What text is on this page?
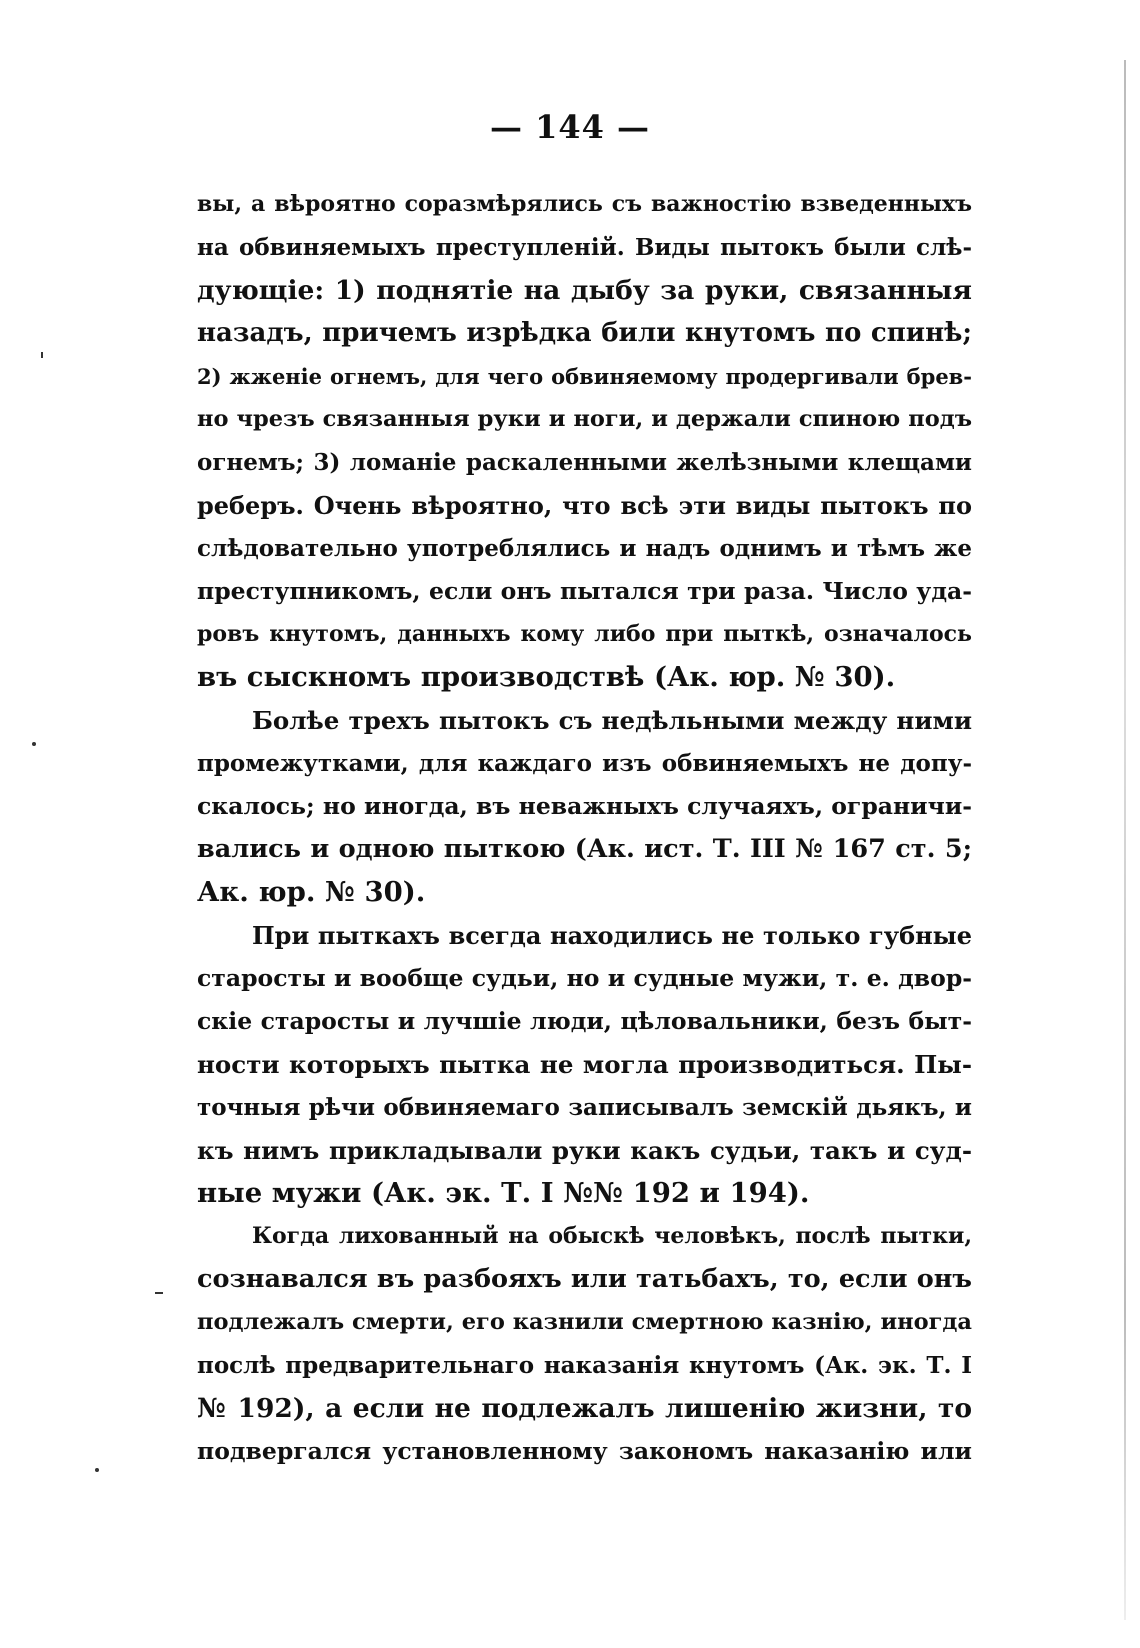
— 144 —
вы, а вѣроятно соразмѣрялись съ важностію взведенныхъ
на обвиняемыхъ преступленій. Виды пытокъ были слѣ-
дующіе: 1) поднятіе на дыбу за руки, связанныя
назадъ, причемъ изрѣдка били кнутомъ по спинѣ;
2) жженіе огнемъ, для чего обвиняемому продергивали брев-
но чрезъ связанныя руки и ноги, и держали спиною подъ
огнемъ; 3) ломаніе раскаленными желѣзными клещами
реберъ. Очень вѣроятно, что всѣ эти виды пытокъ по
слѣдовательно употреблялись и надъ однимъ и тѣмъ же
преступникомъ, если онъ пытался три раза. Число уда-
ровъ кнутомъ, данныхъ кому либо при пыткѣ, означалось
въ сыскномъ производствѣ (Ак. юр. № 30).
Болѣе трехъ пытокъ съ недѣльными между ними
промежутками, для каждаго изъ обвиняемыхъ не допу-
скалось; но иногда, въ неважныхъ случаяхъ, ограничи-
вались и одною пыткою (Ак. ист. Т. III № 167 ст. 5;
Ак. юр. № 30).
При пыткахъ всегда находились не только губные
старосты и вообще судьи, но и судные мужи, т. е. двор-
скіе старосты и лучшіе люди, цѣловальники, безъ быт-
ности которыхъ пытка не могла производиться. Пы-
точныя рѣчи обвиняемаго записывалъ земскій дьякъ, и
къ нимъ прикладывали руки какъ судьи, такъ и суд-
ные мужи (Ак. эк. Т. I №№ 192 и 194).
Когда лихованный на обыскѣ человѣкъ, послѣ пытки,
сознавался въ разбояхъ или татьбахъ, то, если онъ
подлежалъ смерти, его казнили смертною казнію, иногда
послѣ предварительнаго наказанія кнутомъ (Ак. эк. Т. I
№ 192), а если не подлежалъ лишенію жизни, то
подвергался установленному закономъ наказанію или
